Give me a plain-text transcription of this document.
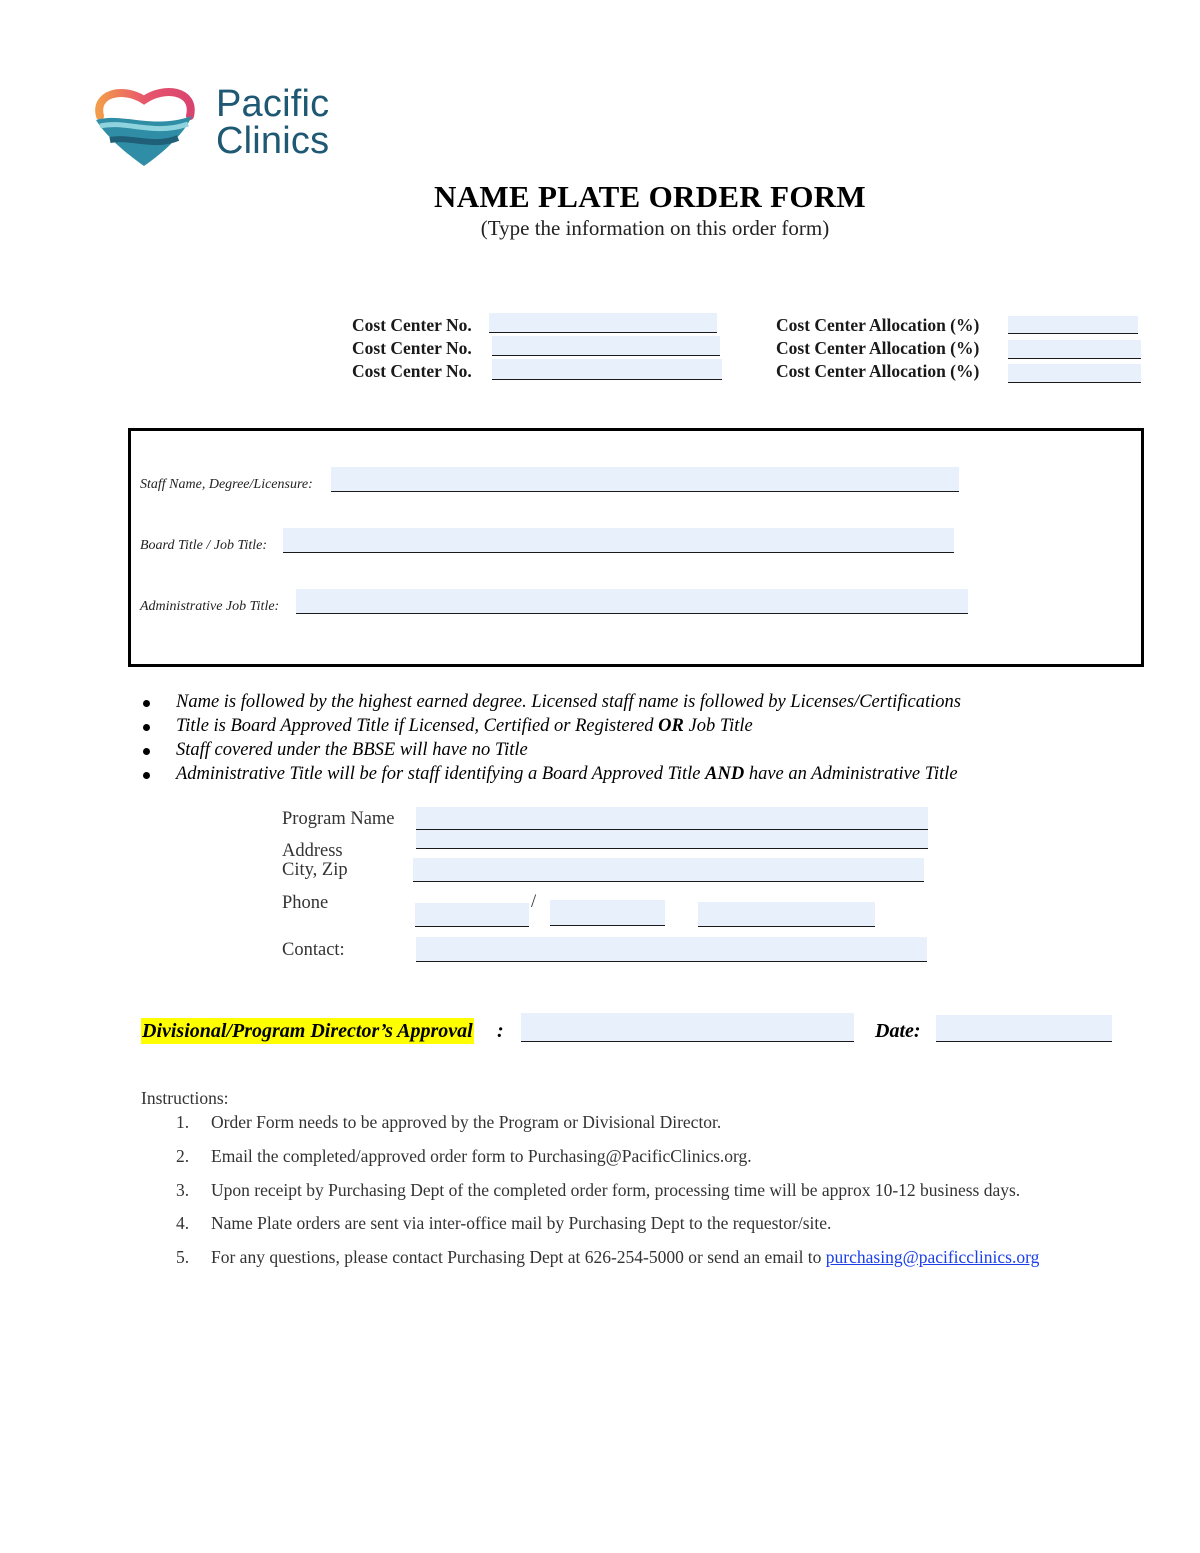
Pacific
Clinics
NAME PLATE ORDER FORM
(Type the information on this order form)
Cost Center No.
Cost Center No.
Cost Center No.
Cost Center Allocation (%)
Cost Center Allocation (%)
Cost Center Allocation (%)
Staff Name, Degree/Licensure:
Board Title / Job Title:
Administrative Job Title:
Name is followed by the highest earned degree. Licensed staff name is followed by Licenses/Certifications
Title is Board Approved Title if Licensed, Certified or Registered OR Job Title
Staff covered under the BBSE will have no Title
Administrative Title will be for staff identifying a Board Approved Title AND have an Administrative Title
Program Name
Address
City, Zip
Phone	/
Contact:
Divisional/Program Director’s Approval :	Date:
Instructions:
1. Order Form needs to be approved by the Program or Divisional Director.
2. Email the completed/approved order form to Purchasing@PacificClinics.org.
3. Upon receipt by Purchasing Dept of the completed order form, processing time will be approx 10-12 business days.
4. Name Plate orders are sent via inter-office mail by Purchasing Dept to the requestor/site.
5. For any questions, please contact Purchasing Dept at 626-254-5000 or send an email to purchasing@pacificclinics.org
